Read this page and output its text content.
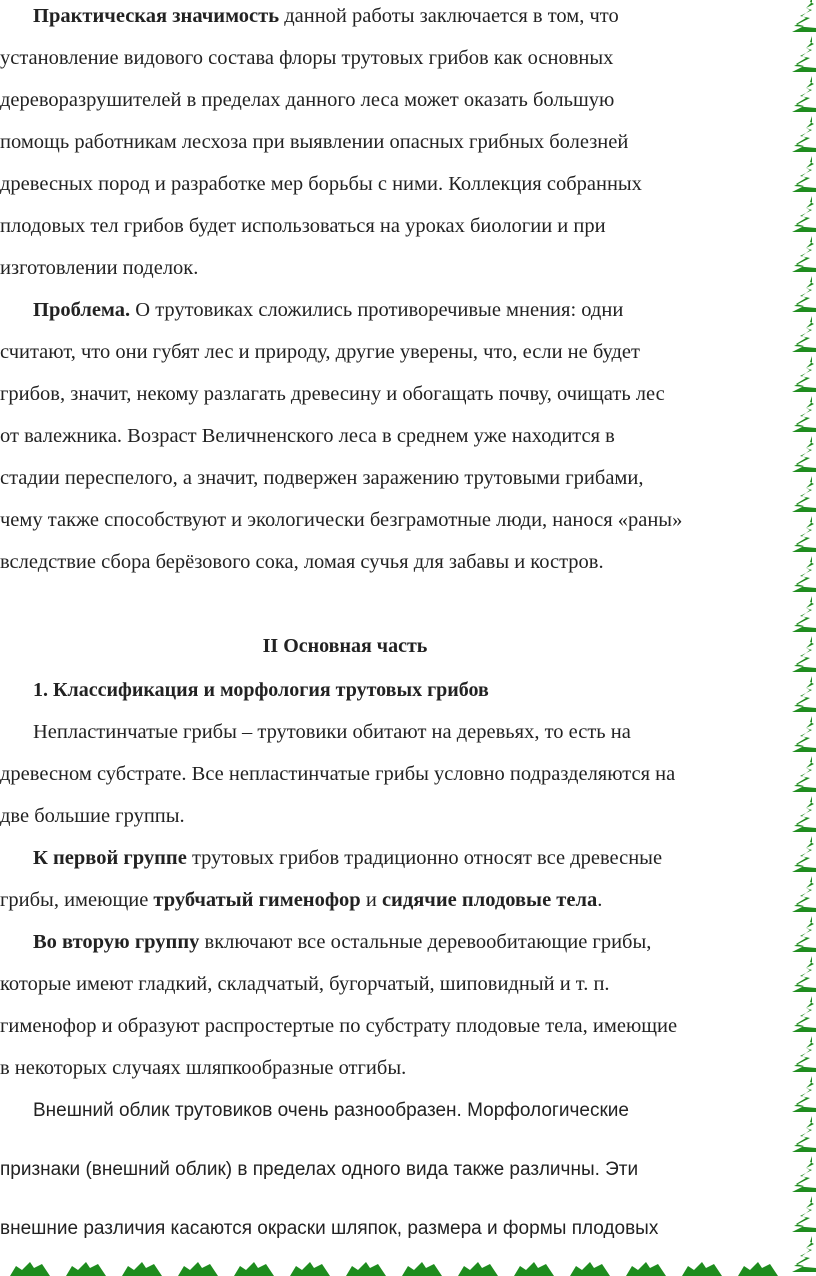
Практическая значимость данной работы заключается в том, что
установление видового состава флоры трутовых грибов как основных
дереворазрушителей в пределах данного леса может оказать большую
помощь работникам лесхоза при выявлении опасных грибных болезней
древесных пород и разработке мер борьбы с ними. Коллекция собранных
плодовых тел грибов будет использоваться на уроках биологии и при
изготовлении поделок.
Проблема. О трутовиках сложились противоречивые мнения: одни
считают, что они губят лес и природу, другие уверены, что, если не будет
грибов, значит, некому разлагать древесину и обогащать почву, очищать лес
от валежника. Возраст Величненского леса в среднем уже находится в
стадии переспелого, а значит, подвержен заражению трутовыми грибами,
чему также способствуют и экологически безграмотные люди, нанося «раны»
вследствие сбора берёзового сока, ломая сучья для забавы и костров.
II Основная часть
1. Классификация и морфология трутовых грибов
Непластинчатые грибы – трутовики обитают на деревьях, то есть на
древесном субстрате. Все непластинчатые грибы условно подразделяются на
две большие группы.
К первой группе трутовых грибов традиционно относят все древесные
грибы, имеющие трубчатый гименофор и сидячие плодовые тела.
Во вторую группу включают все остальные деревообитающие грибы,
которые имеют гладкий, складчатый, бугорчатый, шиповидный и т. п.
гименофор и образуют распростертые по субстрату плодовые тела, имеющие
в некоторых случаях шляпкообразные отгибы.
Внешний облик трутовиков очень разнообразен. Морфологические
признаки (внешний облик) в пределах одного вида также различны. Эти
внешние различия касаются окраски шляпок, размера и формы плодовых
